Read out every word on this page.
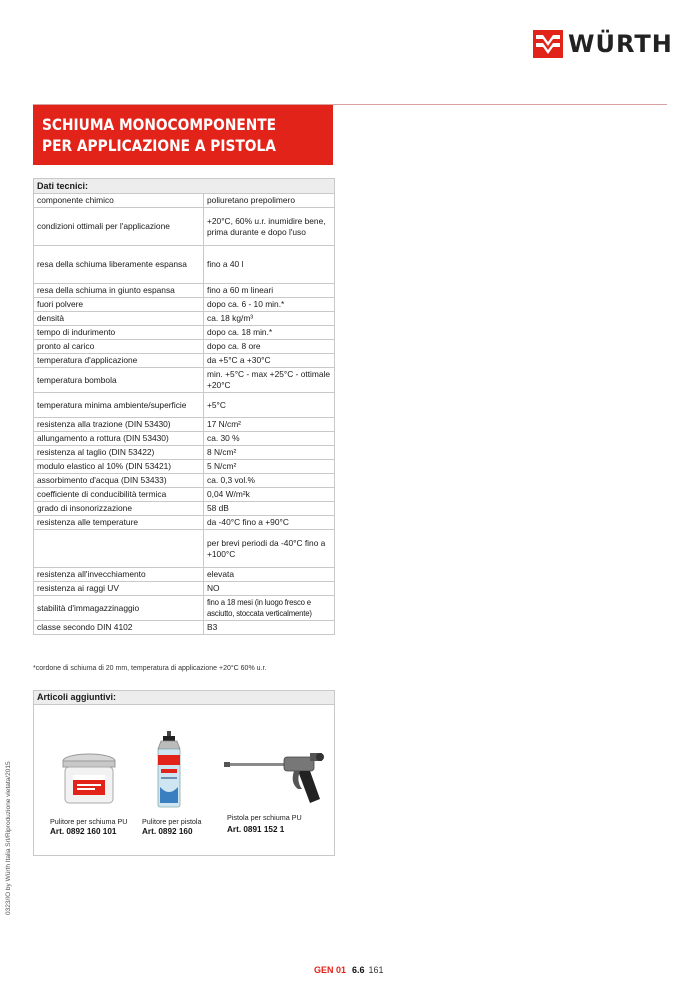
WÜRTH
SCHIUMA MONOCOMPONENTE
PER APPLICAZIONE A PISTOLA
Dati tecnici:	
componente chimico	poliuretano prepolimero
condizioni ottimali per l'applicazione	+20°C, 60% u.r. inumidire bene, prima durante e dopo l'uso
resa della schiuma liberamente espansa	fino a 40 l
resa della schiuma in giunto espansa	fino a 60 m lineari
fuori polvere	dopo ca. 6 - 10 min.*
densità	ca. 18 kg/m³
tempo di indurimento	dopo ca. 18 min.*
pronto al carico	dopo ca. 8 ore
temperatura d'applicazione	da +5°C a +30°C
temperatura bombola	min. +5°C - max +25°C - ottimale +20°C
temperatura minima ambiente/superficie	+5°C
resistenza alla trazione (DIN 53430)	17 N/cm²
allungamento a rottura (DIN 53430)	ca. 30 %
resistenza al taglio (DIN 53422)	8 N/cm²
modulo elastico al 10% (DIN 53421)	5 N/cm²
assorbimento d'acqua (DIN 53433)	ca. 0,3 vol.%
coefficiente di conducibilità termica	0,04 W/m²k
grado di insonorizzazione	58 dB
resistenza alle temperature	da -40°C fino a +90°C
	per brevi periodi da -40°C fino a +100°C
resistenza all'invecchiamento	elevata
resistenza ai raggi UV	NO
stabilità d'immagazzinaggio	fino a 18 mesi (in luogo fresco e asciutto, stoccata verticalmente)
classe secondo DIN 4102	B3
*cordone di schiuma di 20 mm, temperatura di applicazione +20°C 60% u.r.
Articoli aggiuntivi:
Pulitore per schiuma PU
Art. 0892 160 101
Pulitore per pistola
Art. 0892 160
Pistola per schiuma PU
Art. 0891 152 1
0323/IO by Würth Italia Srl/Riproduzione vietata/2015
GEN 01 6.6 161
